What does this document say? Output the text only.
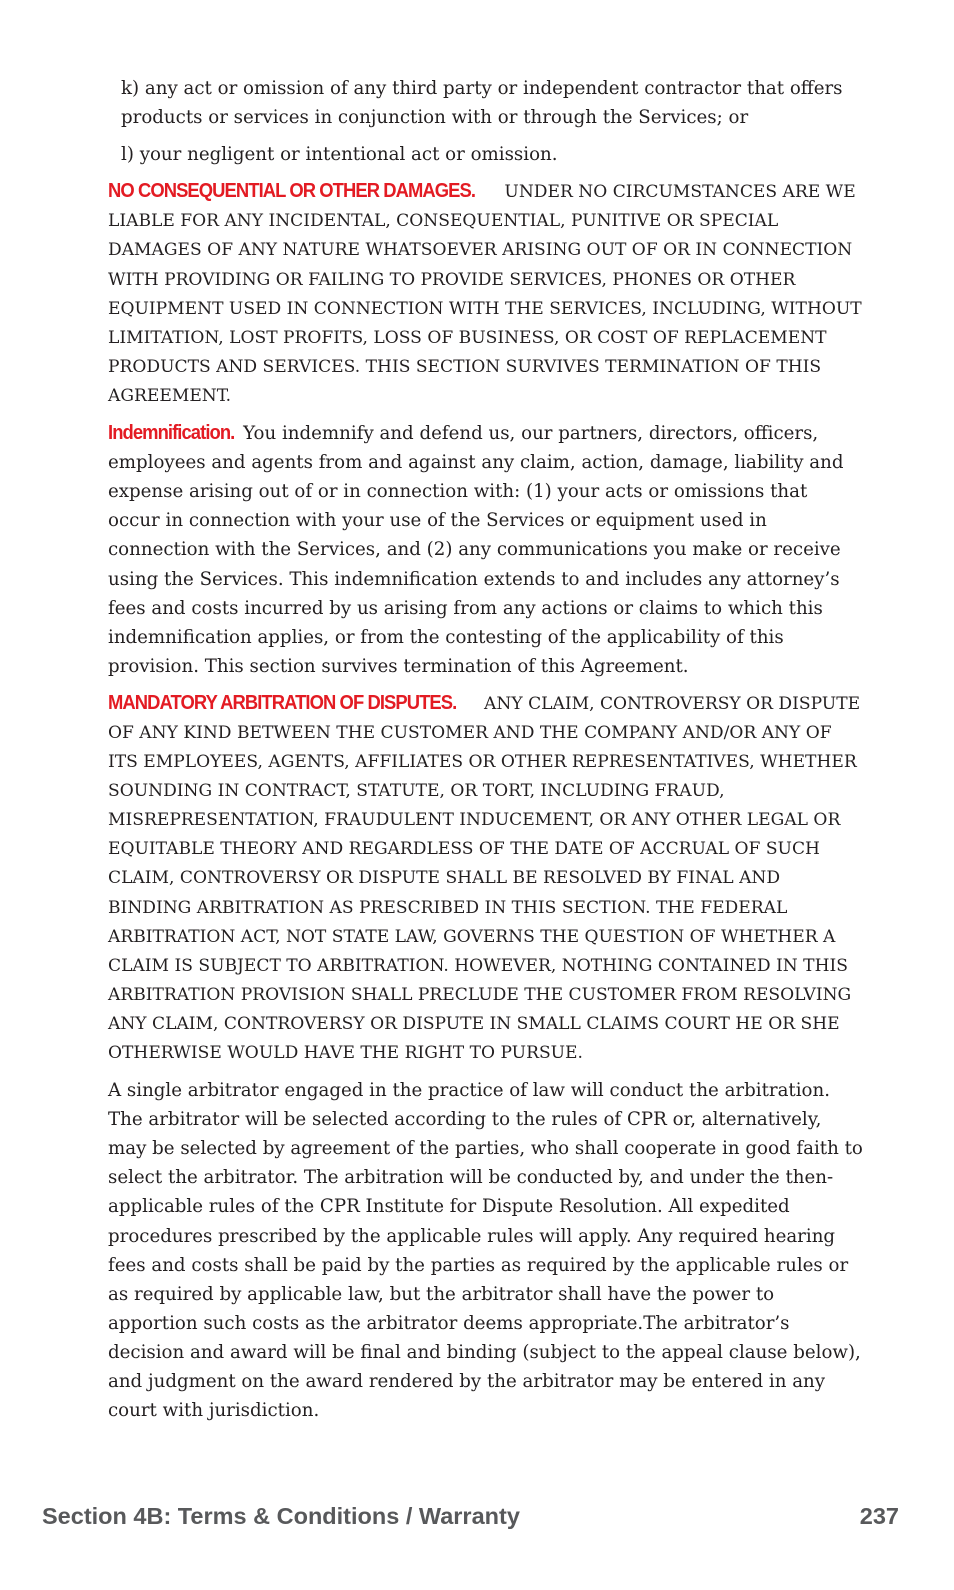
k) any act or omission of any third party or independent contractor that offers products or services in conjunction with or through the Services; or

l) your negligent or intentional act or omission.

NO CONSEQUENTIAL OR OTHER DAMAGES. UNDER NO CIRCUMSTANCES ARE WE LIABLE FOR ANY INCIDENTAL, CONSEQUENTIAL, PUNITIVE OR SPECIAL DAMAGES OF ANY NATURE WHATSOEVER ARISING OUT OF OR IN CONNECTION WITH PROVIDING OR FAILING TO PROVIDE SERVICES, PHONES OR OTHER EQUIPMENT USED IN CONNECTION WITH THE SERVICES, INCLUDING, WITHOUT LIMITATION, LOST PROFITS, LOSS OF BUSINESS, OR COST OF REPLACEMENT PRODUCTS AND SERVICES. THIS SECTION SURVIVES TERMINATION OF THIS AGREEMENT.

Indemnification. You indemnify and defend us, our partners, directors, officers, employees and agents from and against any claim, action, damage, liability and expense arising out of or in connection with: (1) your acts or omissions that occur in connection with your use of the Services or equipment used in connection with the Services, and (2) any communications you make or receive using the Services. This indemnification extends to and includes any attorney’s fees and costs incurred by us arising from any actions or claims to which this indemnification applies, or from the contesting of the applicability of this provision. This section survives termination of this Agreement.

MANDATORY ARBITRATION OF DISPUTES. ANY CLAIM, CONTROVERSY OR DISPUTE OF ANY KIND BETWEEN THE CUSTOMER AND THE COMPANY AND/OR ANY OF ITS EMPLOYEES, AGENTS, AFFILIATES OR OTHER REPRESENTATIVES, WHETHER SOUNDING IN CONTRACT, STATUTE, OR TORT, INCLUDING FRAUD, MISREPRESENTATION, FRAUDULENT INDUCEMENT, OR ANY OTHER LEGAL OR EQUITABLE THEORY AND REGARDLESS OF THE DATE OF ACCRUAL OF SUCH CLAIM, CONTROVERSY OR DISPUTE SHALL BE RESOLVED BY FINAL AND BINDING ARBITRATION AS PRESCRIBED IN THIS SECTION. THE FEDERAL ARBITRATION ACT, NOT STATE LAW, GOVERNS THE QUESTION OF WHETHER A CLAIM IS SUBJECT TO ARBITRATION. HOWEVER, NOTHING CONTAINED IN THIS ARBITRATION PROVISION SHALL PRECLUDE THE CUSTOMER FROM RESOLVING ANY CLAIM, CONTROVERSY OR DISPUTE IN SMALL CLAIMS COURT HE OR SHE OTHERWISE WOULD HAVE THE RIGHT TO PURSUE.

A single arbitrator engaged in the practice of law will conduct the arbitration. The arbitrator will be selected according to the rules of CPR or, alternatively, may be selected by agreement of the parties, who shall cooperate in good faith to select the arbitrator. The arbitration will be conducted by, and under the then-applicable rules of the CPR Institute for Dispute Resolution. All expedited procedures prescribed by the applicable rules will apply. Any required hearing fees and costs shall be paid by the parties as required by the applicable rules or as required by applicable law, but the arbitrator shall have the power to apportion such costs as the arbitrator deems appropriate.The arbitrator’s decision and award will be final and binding (subject to the appeal clause below), and judgment on the award rendered by the arbitrator may be entered in any court with jurisdiction.

Section 4B: Terms & Conditions / Warranty	237
